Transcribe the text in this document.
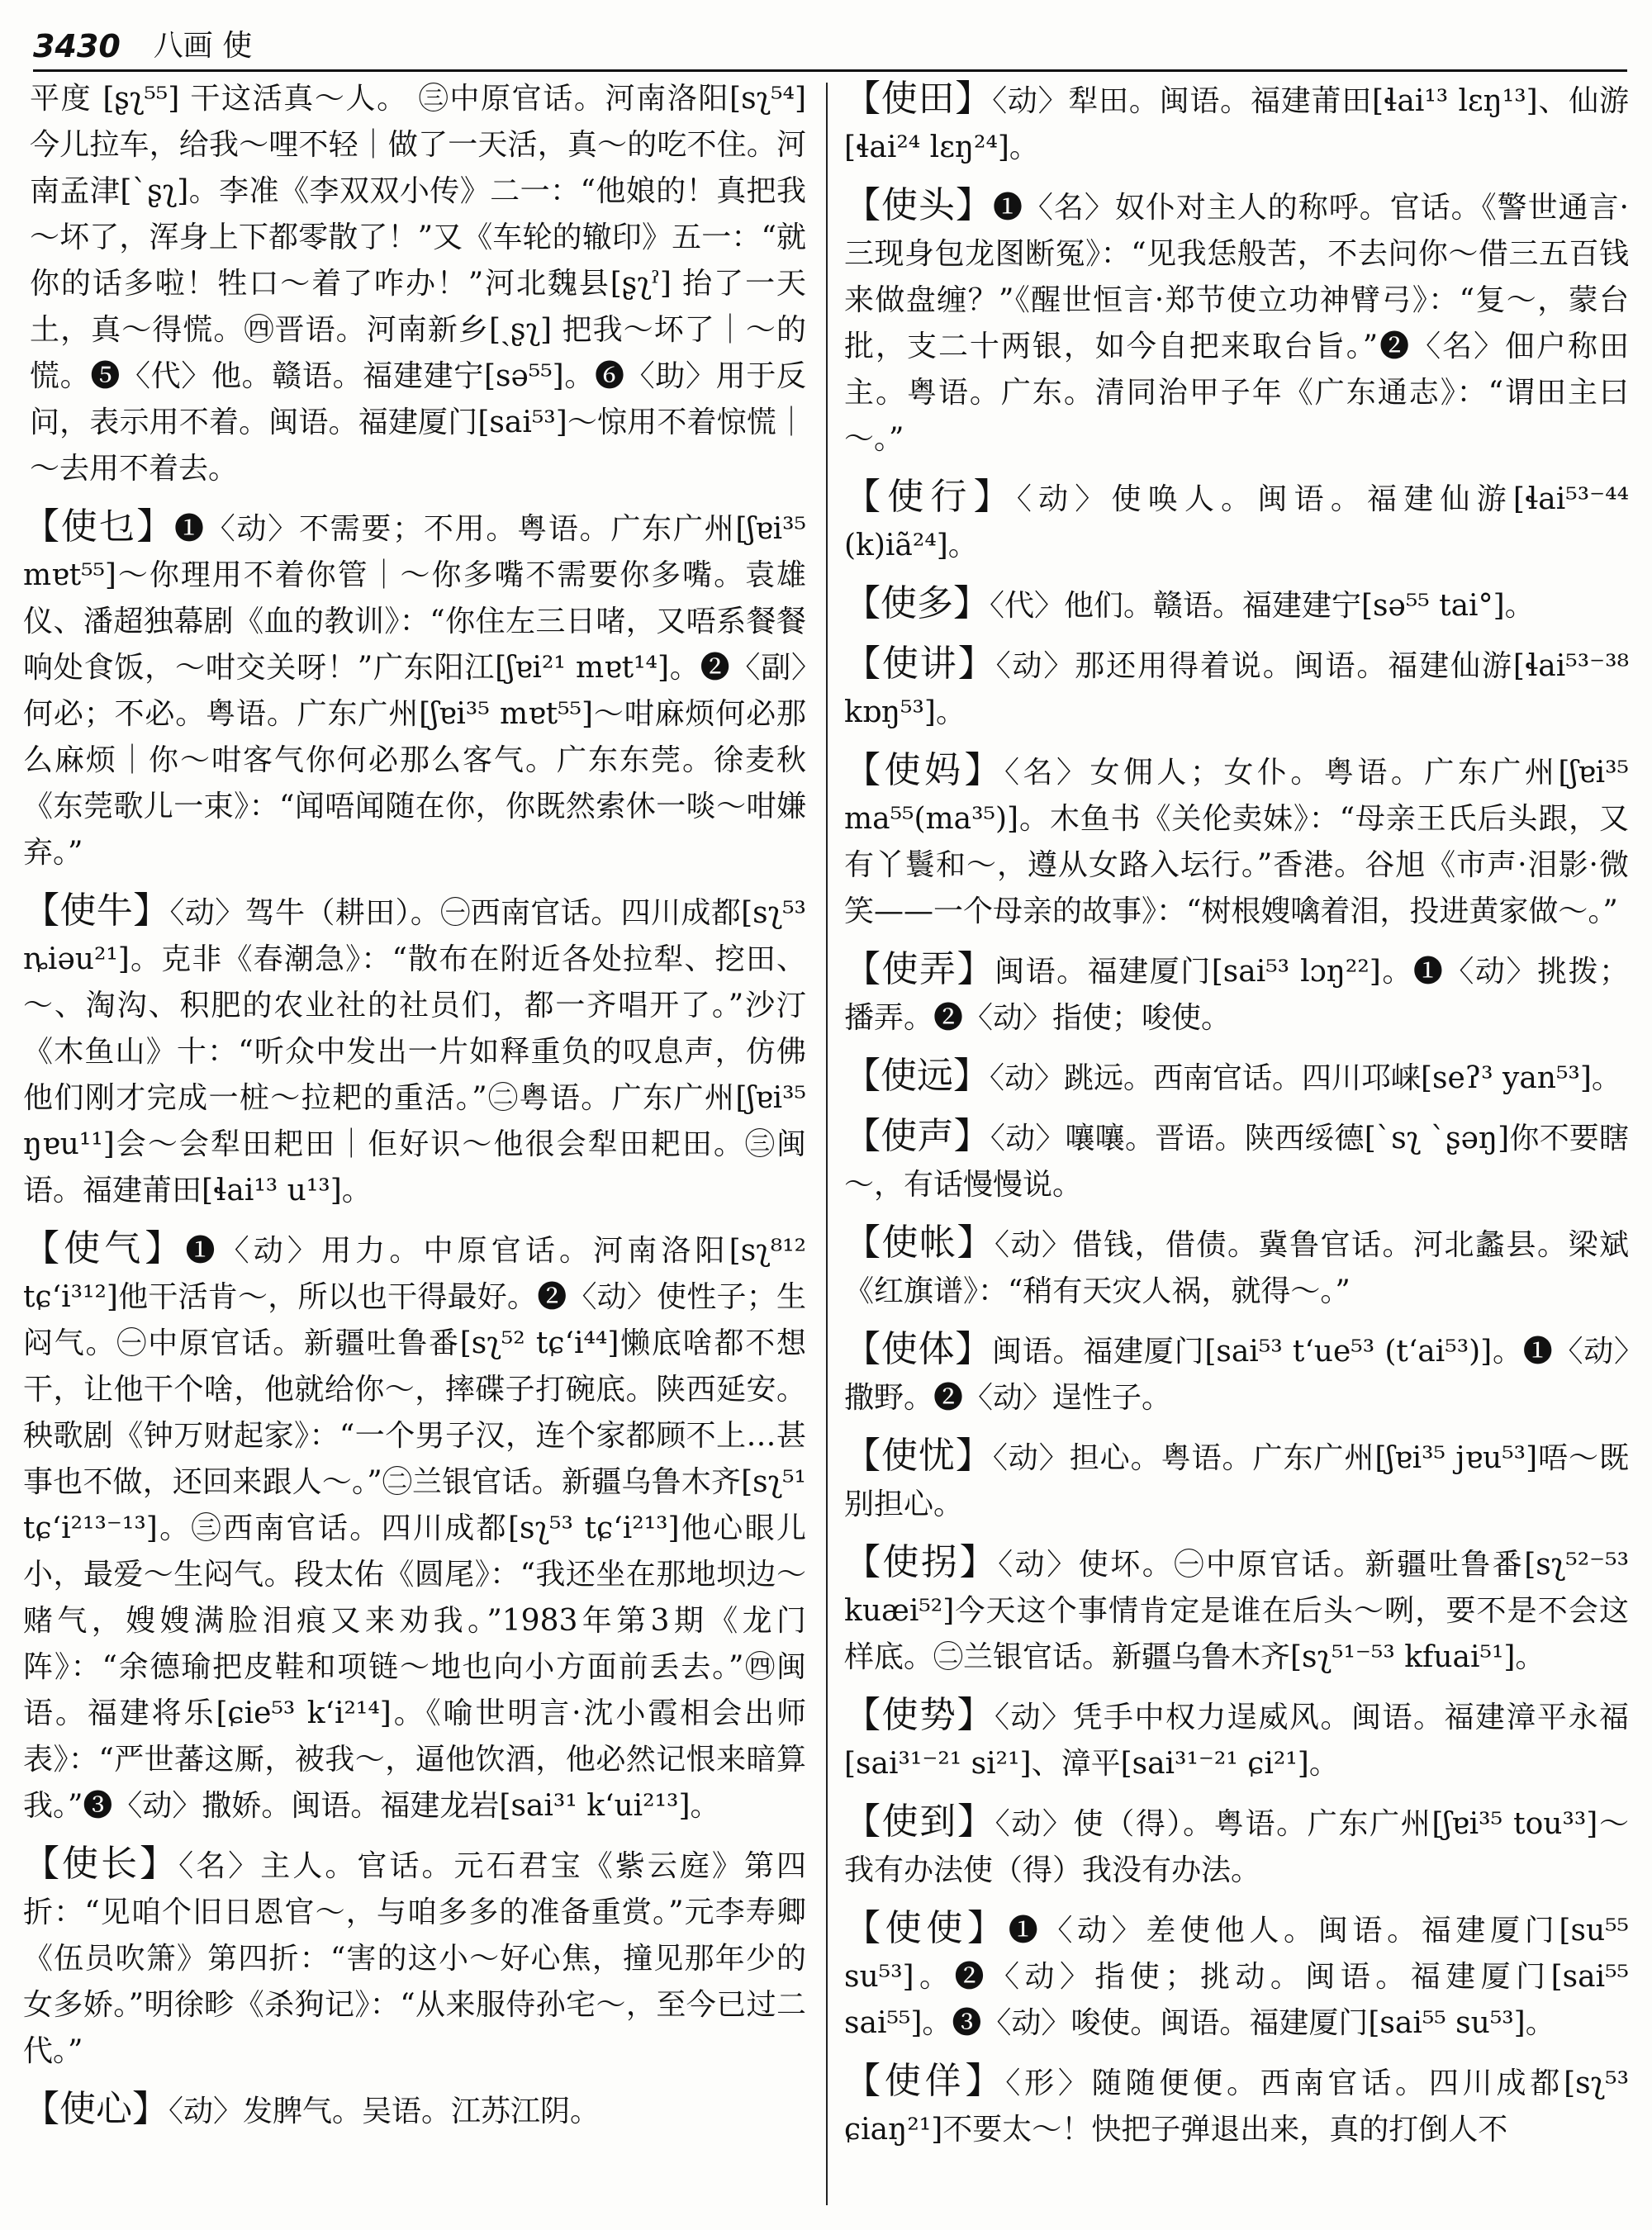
3430 八画 使

平度 [ʂʅ⁵⁵] 干这活真～人。 ㊂中原官话。河南洛阳[sʅ⁵⁴]今儿拉车，给我～哩不轻｜做了一天活，真～的吃不住。河南孟津[ˋʂʅ]。李准《李双双小传》二一：“他娘的！真把我～坏了，浑身上下都零散了！”又《车轮的辙印》五一：“就你的话多啦！牲口～着了咋办！”河北魏县[ʂʅˀ] 抬了一天土，真～得慌。㊃晋语。河南新乡[ˏʂʅ] 把我～坏了｜～的慌。❺〈代〉他。赣语。福建建宁[sə⁵⁵]。❻〈助〉用于反问，表示用不着。闽语。福建厦门[sai⁵³]～惊用不着惊慌｜～去用不着去。

【使乜】❶〈动〉不需要；不用。粤语。广东广州[ʃɐi³⁵ mɐt⁵⁵]～你理用不着你管｜～你多嘴不需要你多嘴。袁雄仪、潘超独幕剧《血的教训》：“你住左三日啫，又唔系餐餐响处食饭，～咁交关呀！”广东阳江[ʃɐi²¹ mɐt¹⁴]。❷〈副〉何必；不必。粤语。广东广州[ʃɐi³⁵ mɐt⁵⁵]～咁麻烦何必那么麻烦｜你～咁客气你何必那么客气。广东东莞。徐麦秋《东莞歌儿一束》：“闻唔闻随在你，你既然索休一啖～咁嫌弃。”

【使牛】〈动〉驾牛（耕田）。㊀西南官话。四川成都[sʅ⁵³ ȵiəu²¹]。克非《春潮急》：“散布在附近各处拉犁、挖田、～、淘沟、积肥的农业社的社员们，都一齐唱开了。”沙汀《木鱼山》十：“听众中发出一片如释重负的叹息声，仿佛他们刚才完成一桩～拉耙的重活。”㊁粤语。广东广州[ʃɐi³⁵ ŋɐu¹¹]会～会犁田耙田｜佢好识～他很会犁田耙田。㊂闽语。福建莆田[ɬai¹³ u¹³]。

【使气】❶〈动〉用力。中原官话。河南洛阳[sʅ⁸¹² tɕʻi³¹²]他干活肯～，所以也干得最好。❷〈动〉使性子；生闷气。㊀中原官话。新疆吐鲁番[sʅ⁵² tɕʻi⁴⁴]懒底啥都不想干，让他干个啥，他就给你～，摔碟子打碗底。陕西延安。秧歌剧《钟万财起家》：“一个男子汉，连个家都顾不上…甚事也不做，还回来跟人～。”㊁兰银官话。新疆乌鲁木齐[sʅ⁵¹ tɕʻi²¹³⁻¹³]。㊂西南官话。四川成都[sʅ⁵³ tɕʻi²¹³]他心眼儿小，最爱～生闷气。段太佑《圆尾》：“我还坐在那地坝边～赌气，嫂嫂满脸泪痕又来劝我。”1983年第3期《龙门阵》：“余德瑜把皮鞋和项链～地也向小方面前丢去。”㊃闽语。福建将乐[ɕie⁵³ kʻi²¹⁴]。《喻世明言·沈小霞相会出师表》：“严世蕃这厮，被我～，逼他饮酒，他必然记恨来暗算我。”❸〈动〉撒娇。闽语。福建龙岩[sai³¹ kʻui²¹³]。

【使长】〈名〉主人。官话。元石君宝《紫云庭》第四折：“见咱个旧日恩官～，与咱多多的准备重赏。”元李寿卿《伍员吹箫》第四折：“害的这小～好心焦，撞见那年少的女多娇。”明徐畛《杀狗记》：“从来服侍孙宅～，至今已过二代。”

【使心】〈动〉发脾气。吴语。江苏江阴。

【使田】〈动〉犁田。闽语。福建莆田[ɬai¹³ lɛŋ¹³]、仙游[ɬai²⁴ lɛŋ²⁴]。

【使头】❶〈名〉奴仆对主人的称呼。官话。《警世通言·三现身包龙图断冤》：“见我恁般苦，不去问你～借三五百钱来做盘缠？”《醒世恒言·郑节使立功神臂弓》：“复～，蒙台批，支二十两银，如今自把来取台旨。”❷〈名〉佃户称田主。粤语。广东。清同治甲子年《广东通志》：“谓田主曰～。”

【使行】〈动〉使唤人。闽语。福建仙游[ɬai⁵³⁻⁴⁴ (k)iã²⁴]。

【使多】〈代〉他们。赣语。福建建宁[sə⁵⁵ tai°]。

【使讲】〈动〉那还用得着说。闽语。福建仙游[ɬai⁵³⁻³⁸ kɒŋ⁵³]。

【使妈】〈名〉女佣人；女仆。粤语。广东广州[ʃɐi³⁵ ma⁵⁵(ma³⁵)]。木鱼书《关伦卖妹》：“母亲王氏后头跟，又有丫鬟和～，遵从女路入坛行。”香港。谷旭《市声·泪影·微笑——一个母亲的故事》：“树根嫂噙着泪，投进黄家做～。”

【使弄】闽语。福建厦门[sai⁵³ lɔŋ²²]。❶〈动〉挑拨；播弄。❷〈动〉指使；唆使。

【使远】〈动〉跳远。西南官话。四川邛崃[seʔ³ yan⁵³]。

【使声】〈动〉嚷嚷。晋语。陕西绥德[ˋsʅ ˋʂəŋ]你不要瞎～，有话慢慢说。

【使帐】〈动〉借钱，借债。冀鲁官话。河北蠡县。梁斌《红旗谱》：“稍有天灾人祸，就得～。”

【使体】闽语。福建厦门[sai⁵³ tʻue⁵³ (tʻai⁵³)]。❶〈动〉撒野。❷〈动〉逞性子。

【使忧】〈动〉担心。粤语。广东广州[ʃɐi³⁵ jɐu⁵³]唔～既别担心。

【使拐】〈动〉使坏。㊀中原官话。新疆吐鲁番[sʅ⁵²⁻⁵³ kuæi⁵²]今天这个事情肯定是谁在后头～咧，要不是不会这样底。㊁兰银官话。新疆乌鲁木齐[sʅ⁵¹⁻⁵³ kfuai⁵¹]。

【使势】〈动〉凭手中权力逞威风。闽语。福建漳平永福[sai³¹⁻²¹ si²¹]、漳平[sai³¹⁻²¹ ɕi²¹]。

【使到】〈动〉使（得）。粤语。广东广州[ʃɐi³⁵ tou³³]～我有办法使（得）我没有办法。

【使使】❶〈动〉差使他人。闽语。福建厦门[su⁵⁵ su⁵³]。❷〈动〉指使；挑动。闽语。福建厦门[sai⁵⁵ sai⁵⁵]。❸〈动〉唆使。闽语。福建厦门[sai⁵⁵ su⁵³]。

【使佯】〈形〉随随便便。西南官话。四川成都[sʅ⁵³ ɕiaŋ²¹]不要太～！快把子弹退出来，真的打倒人不
